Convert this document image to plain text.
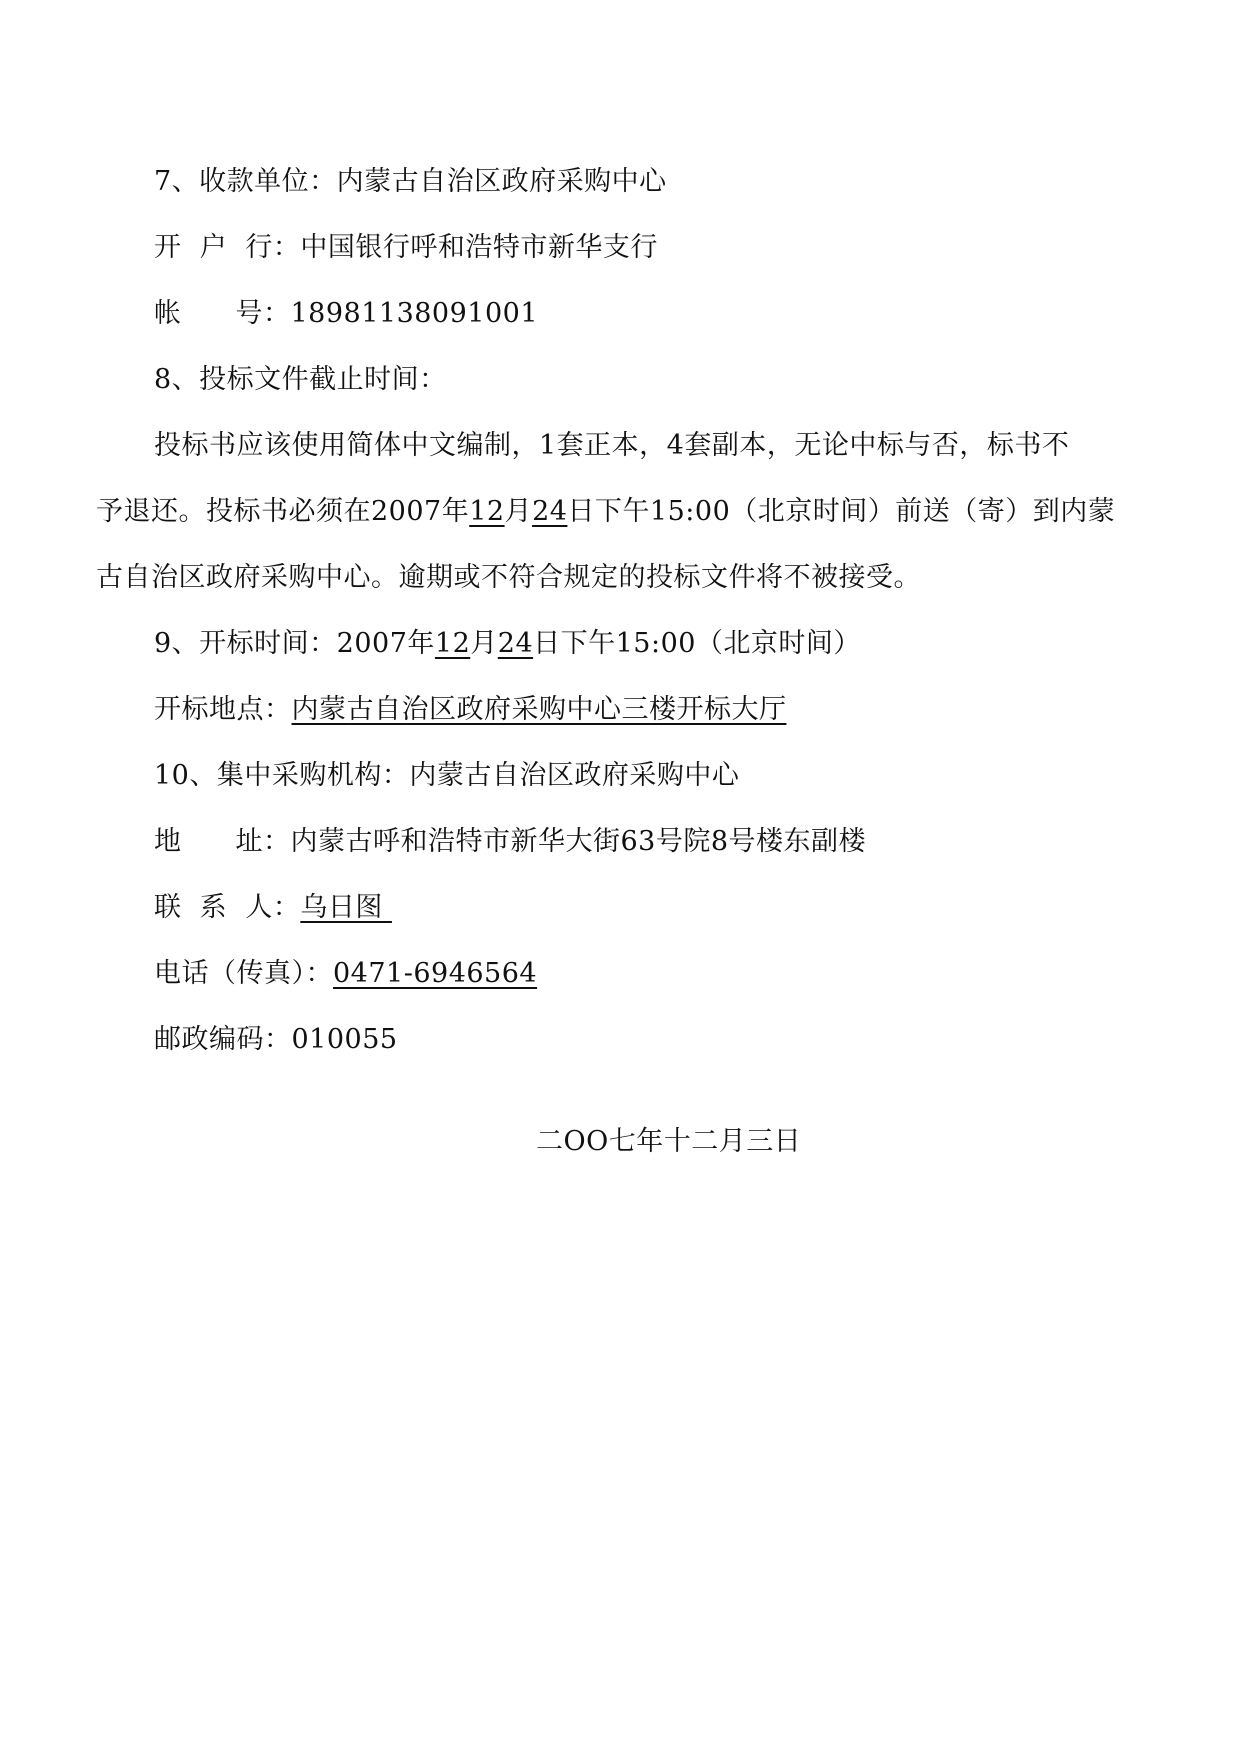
7、收款单位：内蒙古自治区政府采购中心
开  户  行：中国银行呼和浩特市新华支行
帐 号：18981138091001
8、投标文件截止时间：
投标书应该使用简体中文编制，1套正本，4套副本，无论中标与否，标书不
予退还。投标书必须在2007年12月24日下午15:00（北京时间）前送（寄）到内蒙
古自治区政府采购中心。逾期或不符合规定的投标文件将不被接受。
9、开标时间：2007年12月24日下午15:00（北京时间）
开标地点：内蒙古自治区政府采购中心三楼开标大厅
10、集中采购机构：内蒙古自治区政府采购中心
地 址：内蒙古呼和浩特市新华大街63号院8号楼东副楼
联  系  人：乌日图
电话（传真）：0471-6946564
邮政编码：010055
二OO七年十二月三日
